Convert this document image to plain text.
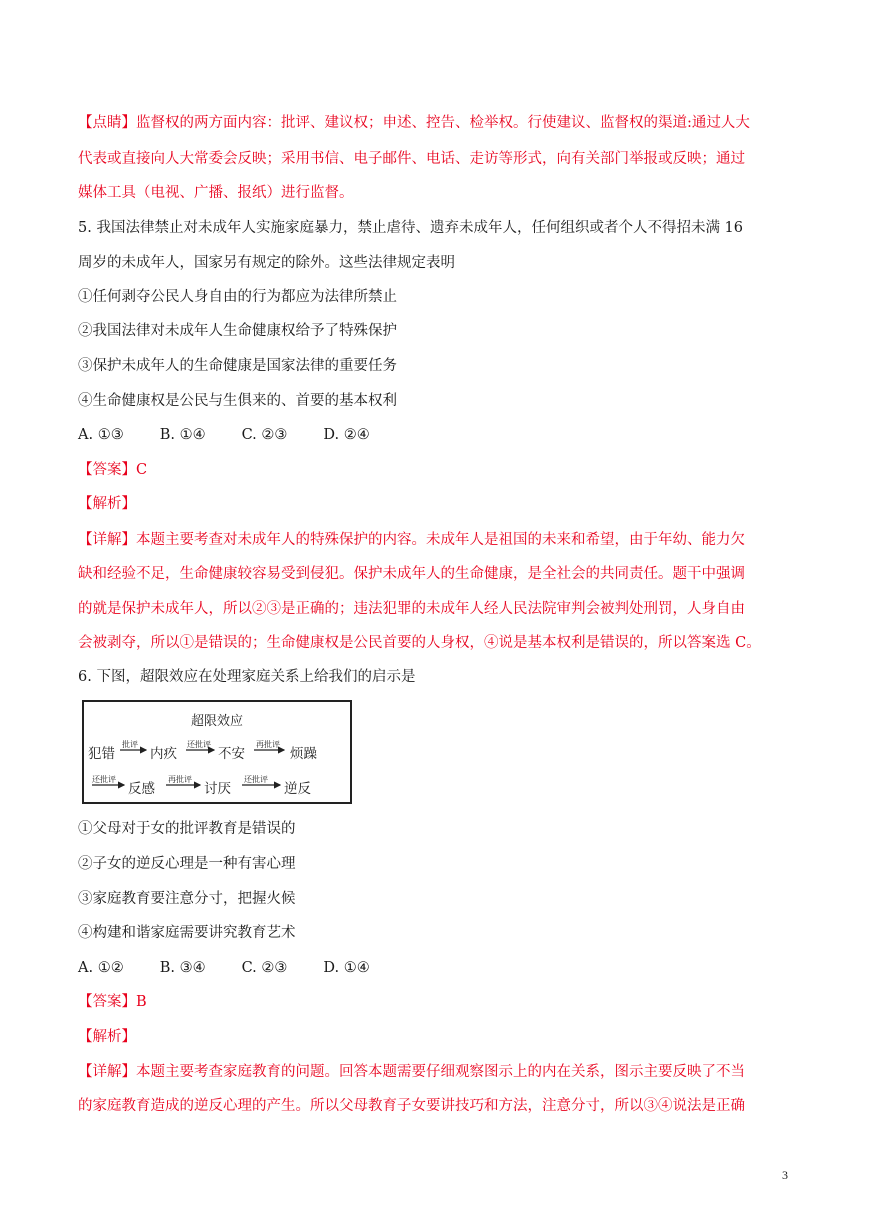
【点睛】监督权的两方面内容：批评、建议权；申述、控告、检举权。行使建议、监督权的渠道:通过人大
代表或直接向人大常委会反映；采用书信、电子邮件、电话、走访等形式，向有关部门举报或反映；通过
媒体工具（电视、广播、报纸）进行监督。
5. 我国法律禁止对未成年人实施家庭暴力，禁止虐待、遗弃未成年人，任何组织或者个人不得招未满 16
周岁的未成年人，国家另有规定的除外。这些法律规定表明
①任何剥夺公民人身自由的行为都应为法律所禁止
②我国法律对未成年人生命健康权给予了特殊保护
③保护未成年人的生命健康是国家法律的重要任务
④生命健康权是公民与生俱来的、首要的基本权利
A. ①③ B. ①④ C. ②③ D. ②④
【答案】C
【解析】
【详解】本题主要考查对未成年人的特殊保护的内容。未成年人是祖国的未来和希望，由于年幼、能力欠
缺和经验不足，生命健康较容易受到侵犯。保护未成年人的生命健康，是全社会的共同责任。题干中强调
的就是保护未成年人，所以②③是正确的；违法犯罪的未成年人经人民法院审判会被判处刑罚，人身自由
会被剥夺，所以①是错误的；生命健康权是公民首要的人身权，④说是基本权利是错误的，所以答案选 C。
6. 下图，超限效应在处理家庭关系上给我们的启示是
超限效应
犯错
批评
内疚
还批评
不安
再批评
烦躁
还批评
反感
再批评
讨厌
还批评
逆反
①父母对于女的批评教育是错误的
②子女的逆反心理是一种有害心理
③家庭教育要注意分寸，把握火候
④构建和谐家庭需要讲究教育艺术
A. ①② B. ③④ C. ②③ D. ①④
【答案】B
【解析】
【详解】本题主要考查家庭教育的问题。回答本题需要仔细观察图示上的内在关系，图示主要反映了不当
的家庭教育造成的逆反心理的产生。所以父母教育子女要讲技巧和方法，注意分寸，所以③④说法是正确
3
